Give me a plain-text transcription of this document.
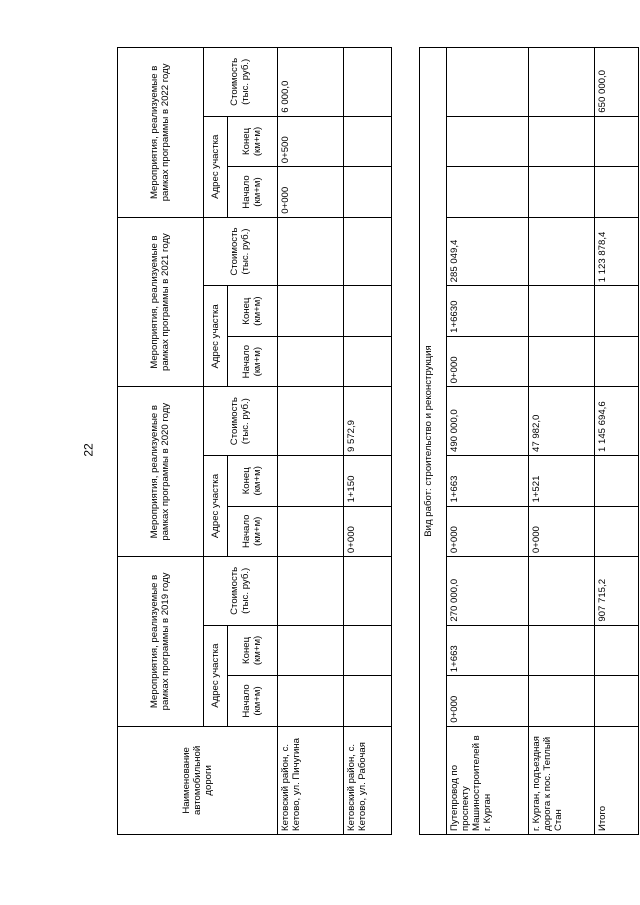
22
Наименование автомобильной дороги	Мероприятия, реализуемые в рамках программы в 2019 году			Мероприятия, реализуемые в рамках программы в 2020 году			Мероприятия, реализуемые в рамках программы в 2021 году			Мероприятия, реализуемые в рамках программы в 2022 году		
	Адрес участка		Стоимость (тыс. руб.)	Адрес участка		Стоимость (тыс. руб.)	Адрес участка		Стоимость (тыс. руб.)	Адрес участка		Стоимость (тыс. руб.)
	Начало (км+м)	Конец (км+м)		Начало (км+м)	Конец (км+м)		Начало (км+м)	Конец (км+м)		Начало (км+м)	Конец (км+м)	
Кетовский район, с. Кетово, ул. Пичугина										0+000	0+500	6 000,0
Кетовский район, с. Кетово, ул. Рабочая				0+000	1+150	9 572,9						

Вид работ: строительство и реконструкция												
Путепровод по проспекту Машиностроителей в г. Курган	0+000	1+663	270 000,0	0+000	1+663	490 000,0	0+000	1+6630	285 049,4			
г. Курган, подъездная дорога к пос. Теплый Стан				0+000	1+521	47 982,0						
Итого			907 715,2			1 145 694,6			1 123 878,4			650 000,0
